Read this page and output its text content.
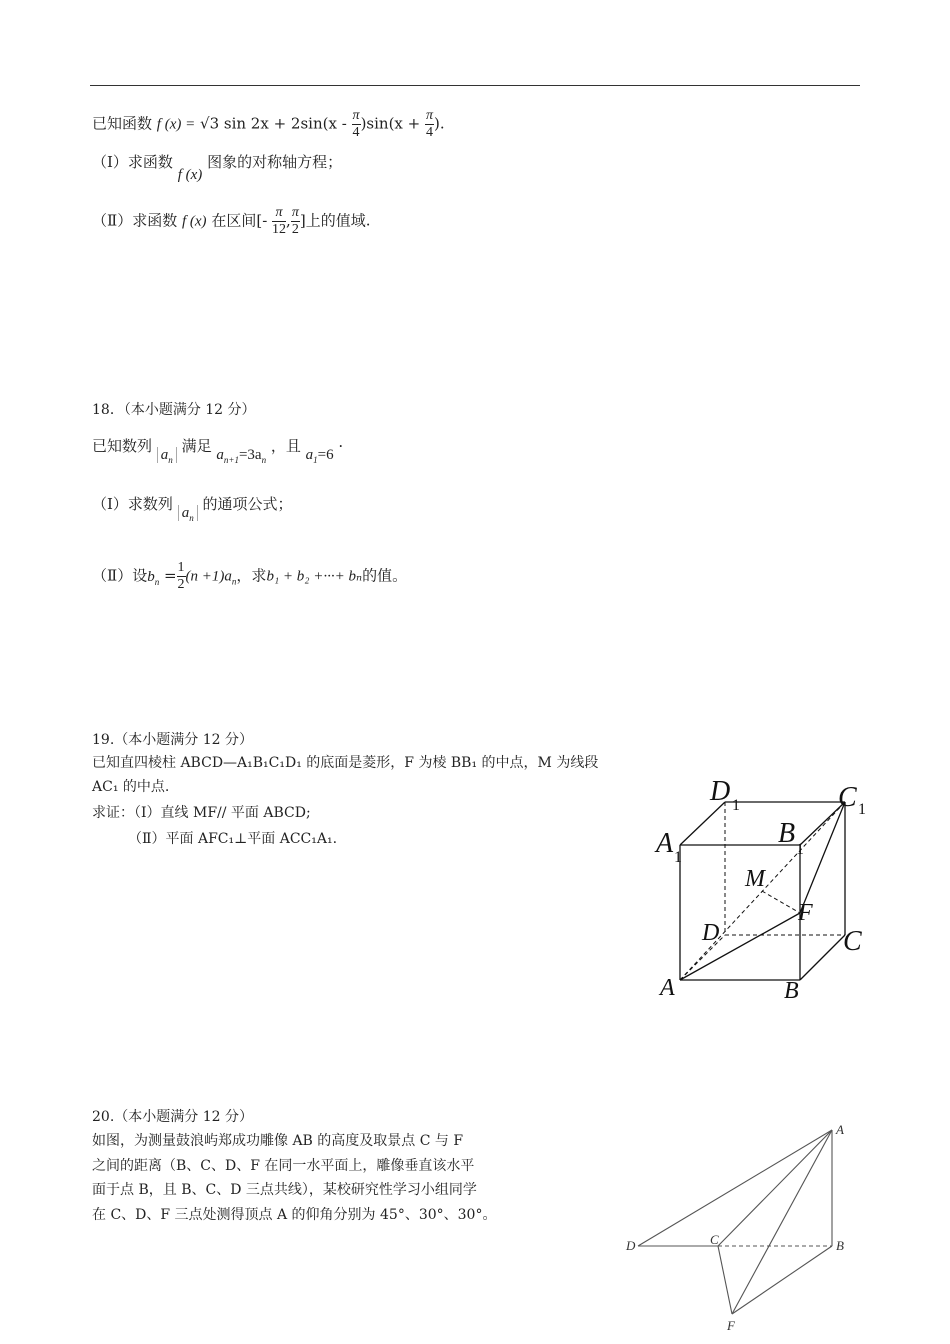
已知函数 f (x) = √3 $\sin 2x + 2\sin(x - \frac{\pi}{4} )\sin(x + \frac{\pi}{4}$ ).
（Ⅰ）求函数 f (x) 图象的对称轴方程；
（Ⅱ）求函数 f (x) 在区间[- $\frac{\pi}{12}$ , $\frac{\pi}{2}$ ]上的值域.
18．（本小题满分 12 分）
已知数列 $a_n$ 满足 $a_{n+1}=3a_n$ ，且 $a_1=6$ ·
（Ⅰ）求数列 $a_n$ 的通项公式；
（Ⅱ）设$b_n = \frac{1}{2} (n +1)a_n$，求b₁ + b₂ +···+ bₙ的值。
19.（本小题满分 12 分）
已知直四棱柱 ABCD—A₁B₁C₁D₁ 的底面是菱形，F 为棱 BB₁ 的中点，M 为线段
AC₁ 的中点.
求证：（Ⅰ）直线 MF// 平面 ABCD;
（Ⅱ）平面 AFC₁⊥平面 ACC₁A₁.
D 1	C 1
A 1
B
1
M
F
D	C
A	B
20.（本小题满分 12 分）
如图，为测量鼓浪屿郑成功雕像 AB 的高度及取景点 C 与 F
之间的距离（B、C、D、F 在同一水平面上，雕像垂直该水平
面于点 B，且 B、C、D 三点共线），某校研究性学习小组同学
在 C、D、F 三点处测得顶点 A 的仰角分别为 45°、30°、30°。
A
B
C
D
F
